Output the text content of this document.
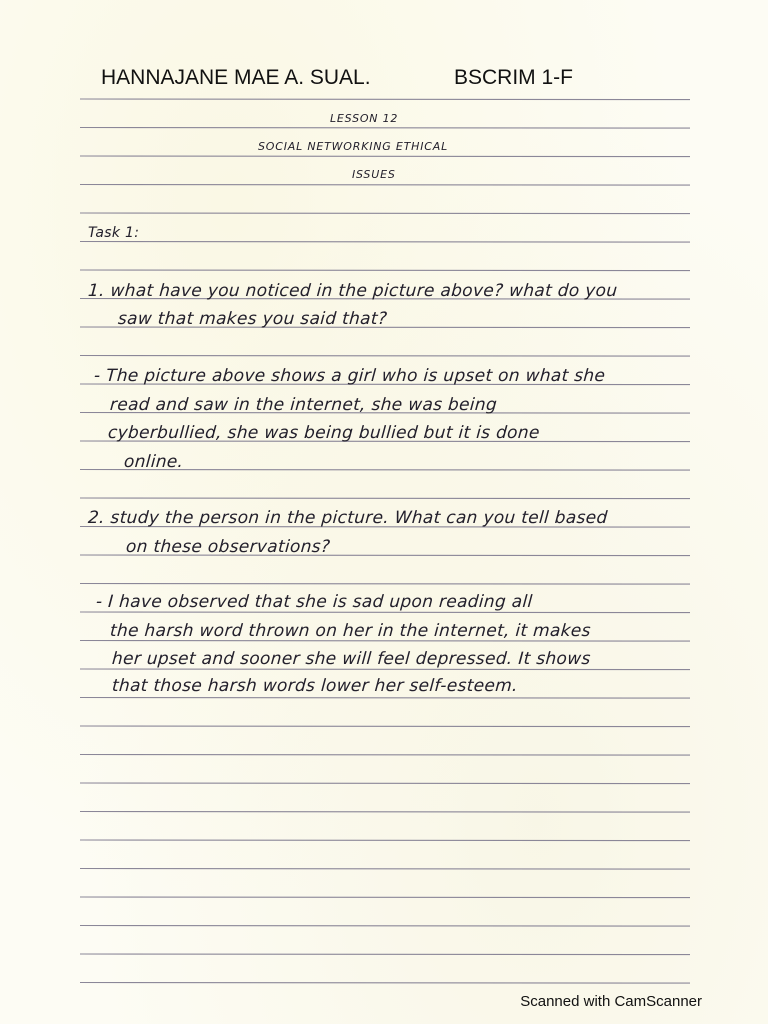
HANNAJANE MAE A. SUAL.	BSCRIM 1-F
LESSON 12
SOCIAL NETWORKING ETHICAL
ISSUES
Task 1:
1. what have you noticed in the picture above? what do you
saw that makes you said that?
- The picture above shows a girl who is upset on what she
read and saw in the internet, she was being
cyberbullied, she was being bullied but it is done
online.
2. study the person in the picture. What can you tell based
on these observations?
- I have observed that she is sad upon reading all
the harsh word thrown on her in the internet, it makes
her upset and sooner she will feel depressed. It shows
that those harsh words lower her self-esteem.
Scanned with CamScanner
